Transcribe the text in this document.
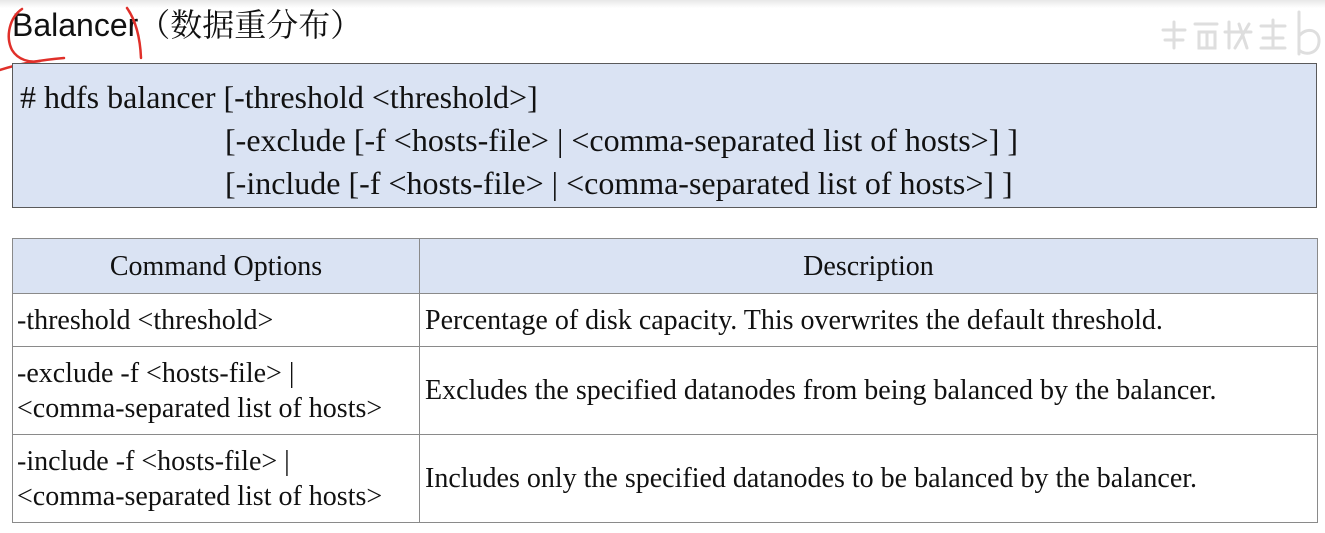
Balancer（数据重分布）
# hdfs balancer [-threshold <threshold>]
[-exclude [-f <hosts-file> | <comma-separated list of hosts>] ]
[-include [-f <hosts-file> | <comma-separated list of hosts>] ]
Command Options	Description

-threshold <threshold>	Percentage of disk capacity. This overwrites the default threshold.

-exclude -f <hosts-file> |
<comma-separated list of hosts>	Excludes the specified datanodes from being balanced by the balancer.

-include -f <hosts-file> |
<comma-separated list of hosts>	Includes only the specified datanodes to be balanced by the balancer.
